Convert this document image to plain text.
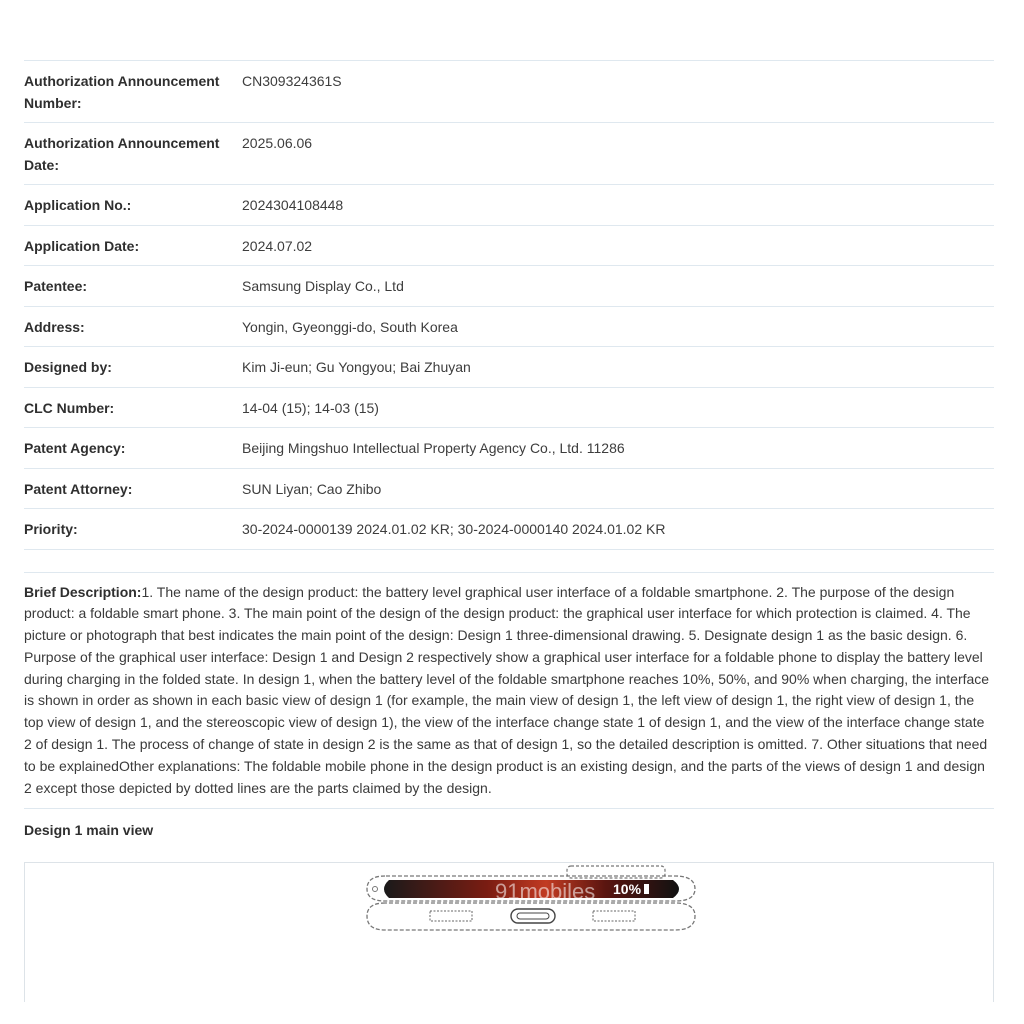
Authorization Announcement Number:
CN309324361S
Authorization Announcement Date:
2025.06.06
Application No.:	2024304108448
Application Date:	2024.07.02
Patentee:	Samsung Display Co., Ltd
Address:	Yongin, Gyeonggi-do, South Korea
Designed by:	Kim Ji-eun; Gu Yongyou; Bai Zhuyan
CLC Number:	14-04 (15); 14-03 (15)
Patent Agency:	Beijing Mingshuo Intellectual Property Agency Co., Ltd. 11286
Patent Attorney:	SUN Liyan; Cao Zhibo
Priority:	30-2024-0000139 2024.01.02 KR; 30-2024-0000140 2024.01.02 KR
Brief Description:1. The name of the design product: the battery level graphical user interface of a foldable smartphone. 2. The purpose of the design product: a foldable smart phone. 3. The main point of the design of the design product: the graphical user interface for which protection is claimed. 4. The picture or photograph that best indicates the main point of the design: Design 1 three-dimensional drawing. 5. Designate design 1 as the basic design. 6. Purpose of the graphical user interface: Design 1 and Design 2 respectively show a graphical user interface for a foldable phone to display the battery level during charging in the folded state. In design 1, when the battery level of the foldable smartphone reaches 10%, 50%, and 90% when charging, the interface is shown in order as shown in each basic view of design 1 (for example, the main view of design 1, the left view of design 1, the right view of design 1, the top view of design 1, and the stereoscopic view of design 1), the view of the interface change state 1 of design 1, and the view of the interface change state 2 of design 1. The process of change of state in design 2 is the same as that of design 1, so the detailed description is omitted. 7. Other situations that need to be explainedOther explanations: The foldable mobile phone in the design product is an existing design, and the parts of the views of design 1 and design 2 except those depicted by dotted lines are the parts claimed by the design.
Design 1 main view
91mobiles 10%
